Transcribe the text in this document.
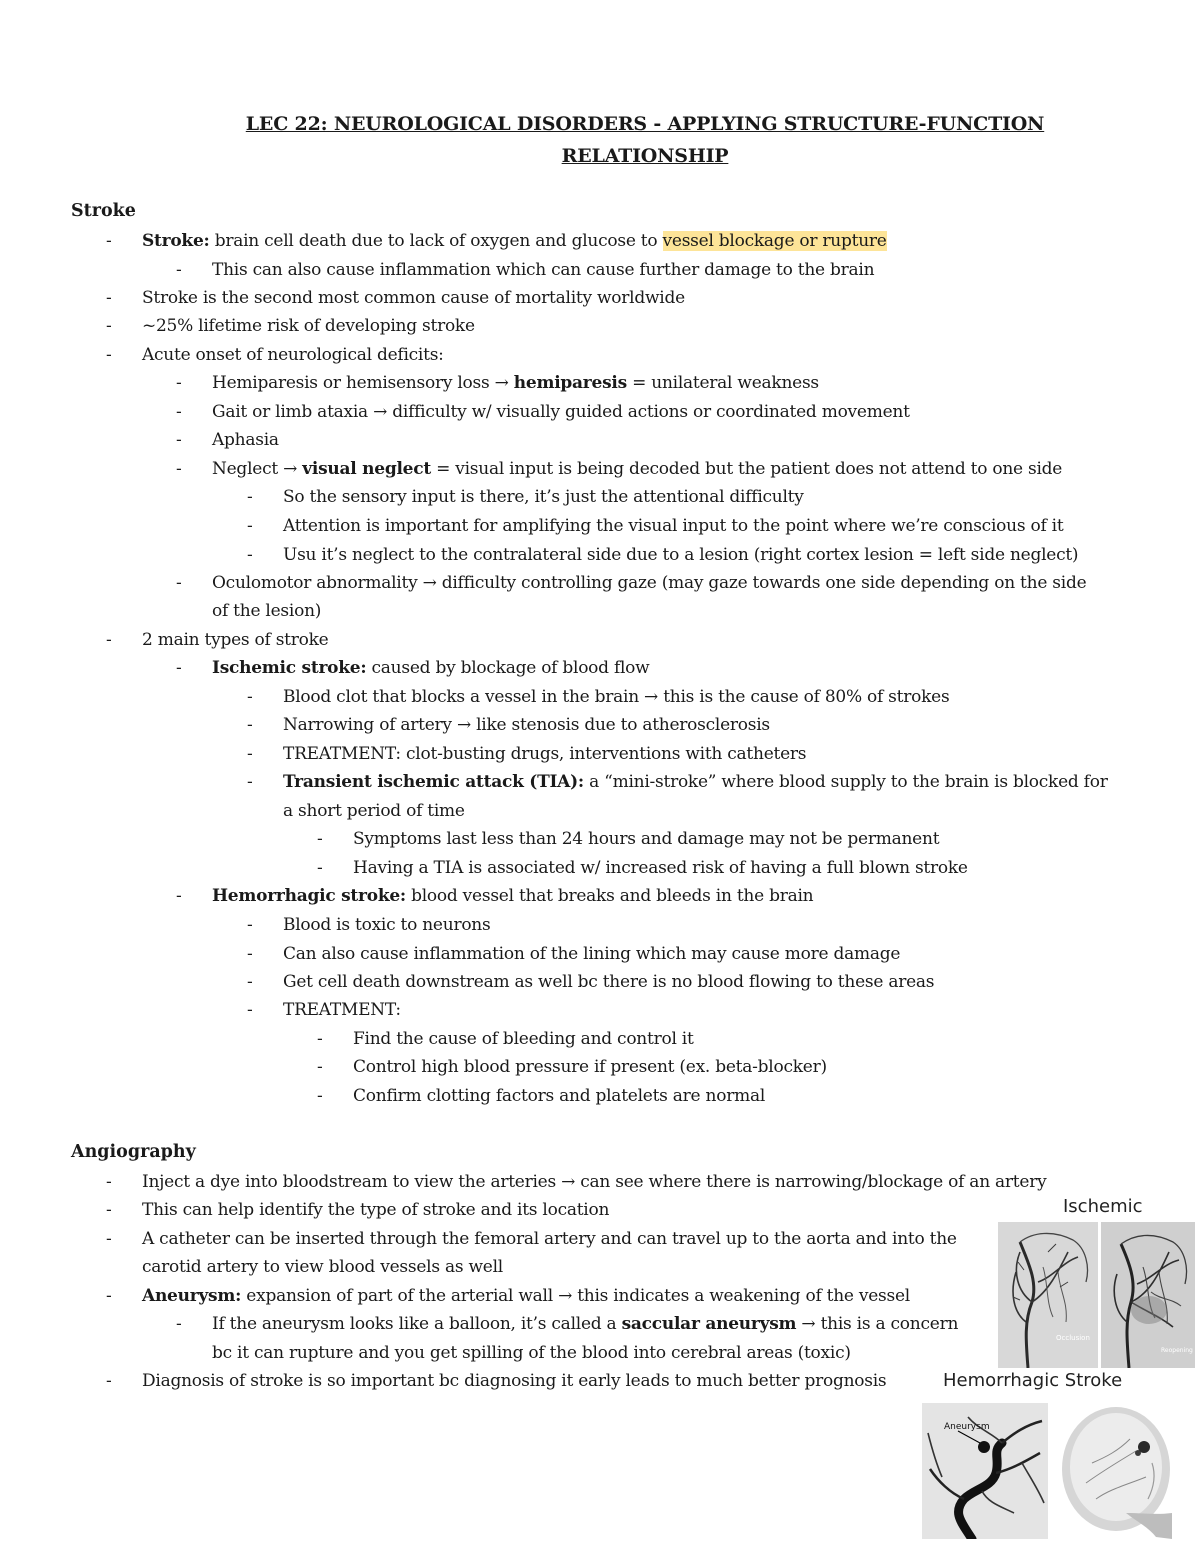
LEC 22: NEUROLOGICAL DISORDERS - APPLYING STRUCTURE-FUNCTION
RELATIONSHIP
Stroke
- Stroke: brain cell death due to lack of oxygen and glucose to vessel blockage or rupture
- This can also cause inflammation which can cause further damage to the brain
- Stroke is the second most common cause of mortality worldwide
- ~25% lifetime risk of developing stroke
- Acute onset of neurological deficits:
- Hemiparesis or hemisensory loss → hemiparesis = unilateral weakness
- Gait or limb ataxia → difficulty w/ visually guided actions or coordinated movement
- Aphasia
- Neglect → visual neglect = visual input is being decoded but the patient does not attend to one side
- So the sensory input is there, it’s just the attentional difficulty
- Attention is important for amplifying the visual input to the point where we’re conscious of it
- Usu it’s neglect to the contralateral side due to a lesion (right cortex lesion = left side neglect)
- Oculomotor abnormality → difficulty controlling gaze (may gaze towards one side depending on the side
of the lesion)
- 2 main types of stroke
- Ischemic stroke: caused by blockage of blood flow
- Blood clot that blocks a vessel in the brain → this is the cause of 80% of strokes
- Narrowing of artery → like stenosis due to atherosclerosis
- TREATMENT: clot-busting drugs, interventions with catheters
- Transient ischemic attack (TIA): a “mini-stroke” where blood supply to the brain is blocked for
a short period of time
- Symptoms last less than 24 hours and damage may not be permanent
- Having a TIA is associated w/ increased risk of having a full blown stroke
- Hemorrhagic stroke: blood vessel that breaks and bleeds in the brain
- Blood is toxic to neurons
- Can also cause inflammation of the lining which may cause more damage
- Get cell death downstream as well bc there is no blood flowing to these areas
- TREATMENT:
- Find the cause of bleeding and control it
- Control high blood pressure if present (ex. beta-blocker)
- Confirm clotting factors and platelets are normal
Angiography
- Inject a dye into bloodstream to view the arteries → can see where there is narrowing/blockage of an artery
- This can help identify the type of stroke and its location
- A catheter can be inserted through the femoral artery and can travel up to the aorta and into the
carotid artery to view blood vessels as well
- Aneurysm: expansion of part of the arterial wall → this indicates a weakening of the vessel
- If the aneurysm looks like a balloon, it’s called a saccular aneurysm → this is a concern
bc it can rupture and you get spilling of the blood into cerebral areas (toxic)
- Diagnosis of stroke is so important bc diagnosing it early leads to much better prognosis
Ischemic
Occlusion
Reopening
Hemorrhagic Stroke
Aneurysm
